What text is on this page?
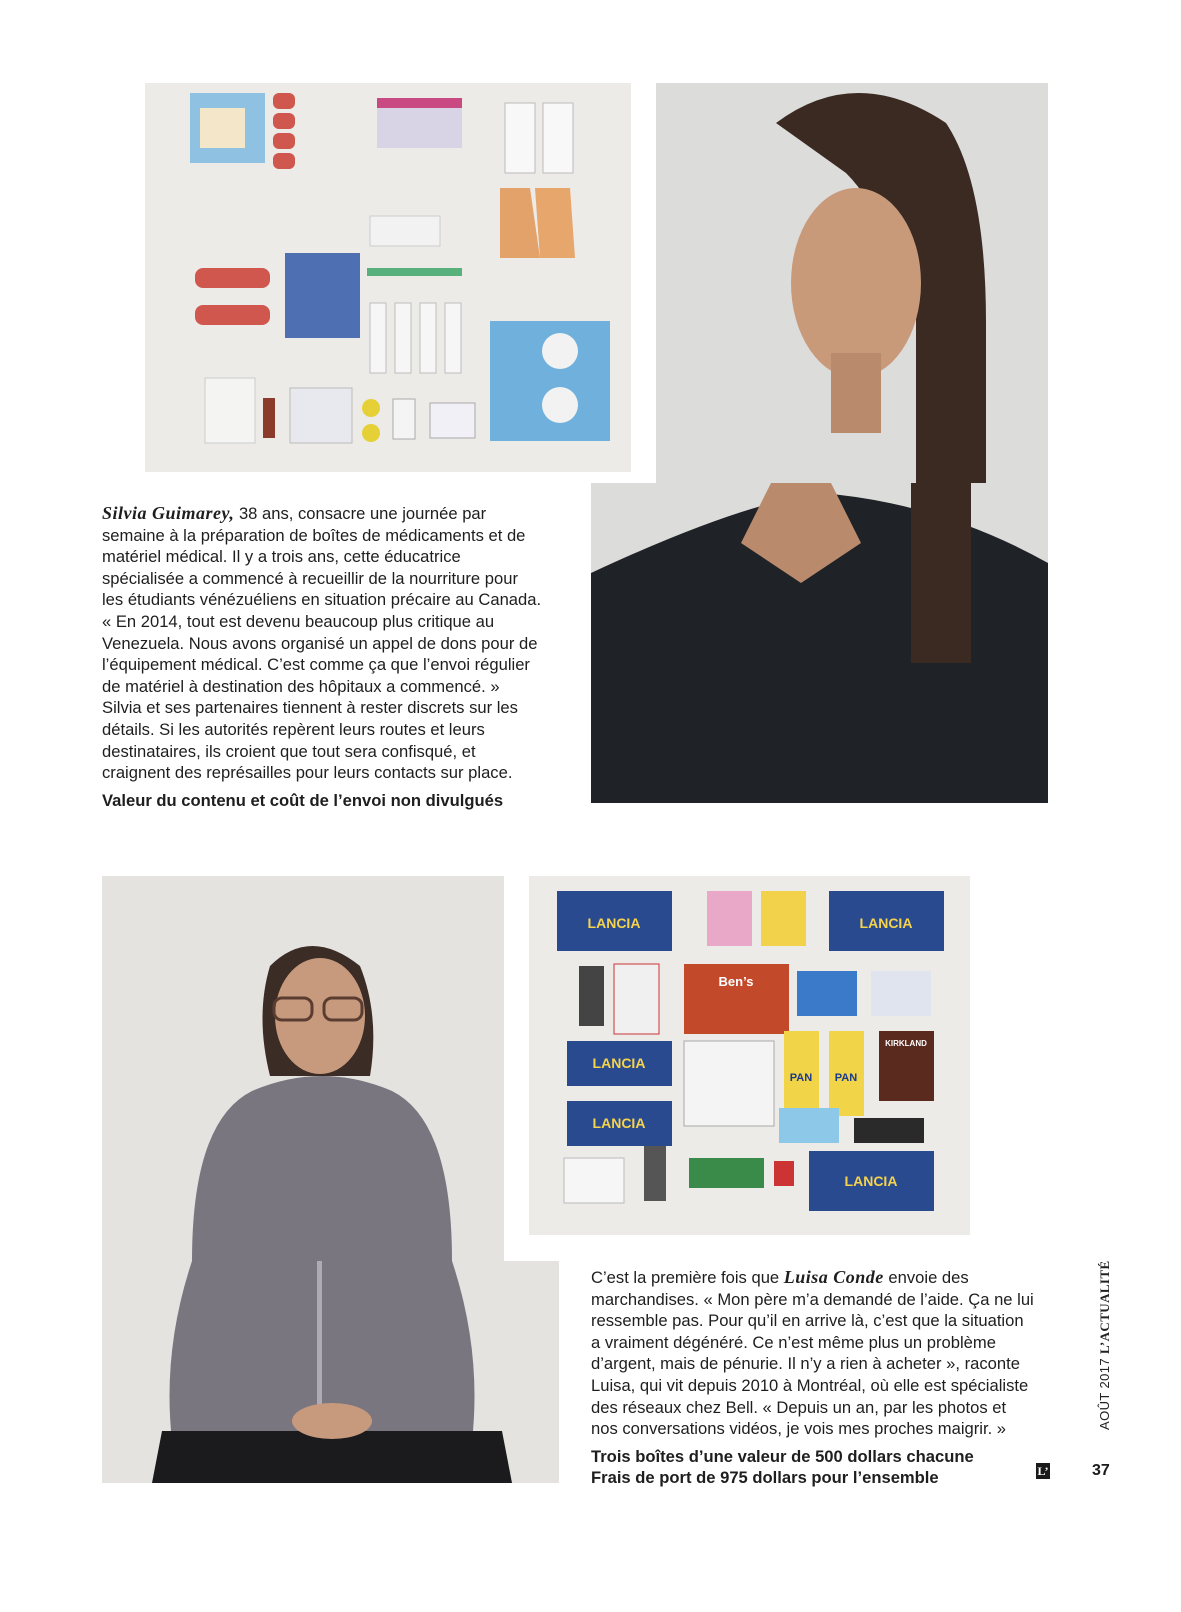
Silvia Guimarey, 38 ans, consacre une journée par
semaine à la préparation de boîtes de médicaments et de
matériel médical. Il y a trois ans, cette éducatrice
spécialisée a commencé à recueillir de la nourriture pour
les étudiants vénézuéliens en situation précaire au Canada.
« En 2014, tout est devenu beaucoup plus critique au
Venezuela. Nous avons organisé un appel de dons pour de
l’équipement médical. C’est comme ça que l’envoi régulier
de matériel à destination des hôpitaux a commencé. »
Silvia et ses partenaires tiennent à rester discrets sur les
détails. Si les autorités repèrent leurs routes et leurs
destinataires, ils croient que tout sera confisqué, et
craignent des représailles pour leurs contacts sur place.

Valeur du contenu et coût de l’envoi non divulgués

LANCIA	LANCIA
LANCIA
LANCIA
LANCIA
Ben’s
PAN PAN
KIRKLAND

C’est la première fois que Luisa Conde envoie des
marchandises. « Mon père m’a demandé de l’aide. Ça ne lui
ressemble pas. Pour qu’il en arrive là, c’est que la situation
a vraiment dégénéré. Ce n’est même plus un problème
d’argent, mais de pénurie. Il n’y a rien à acheter », raconte
Luisa, qui vit depuis 2010 à Montréal, où elle est spécialiste
des réseaux chez Bell. « Depuis un an, par les photos et
nos conversations vidéos, je vois mes proches maigrir. »

Trois boîtes d’une valeur de 500 dollars chacune
Frais de port de 975 dollars pour l’ensemble

AOÛT 2017 L’ACTUALITÉ
L’	37
